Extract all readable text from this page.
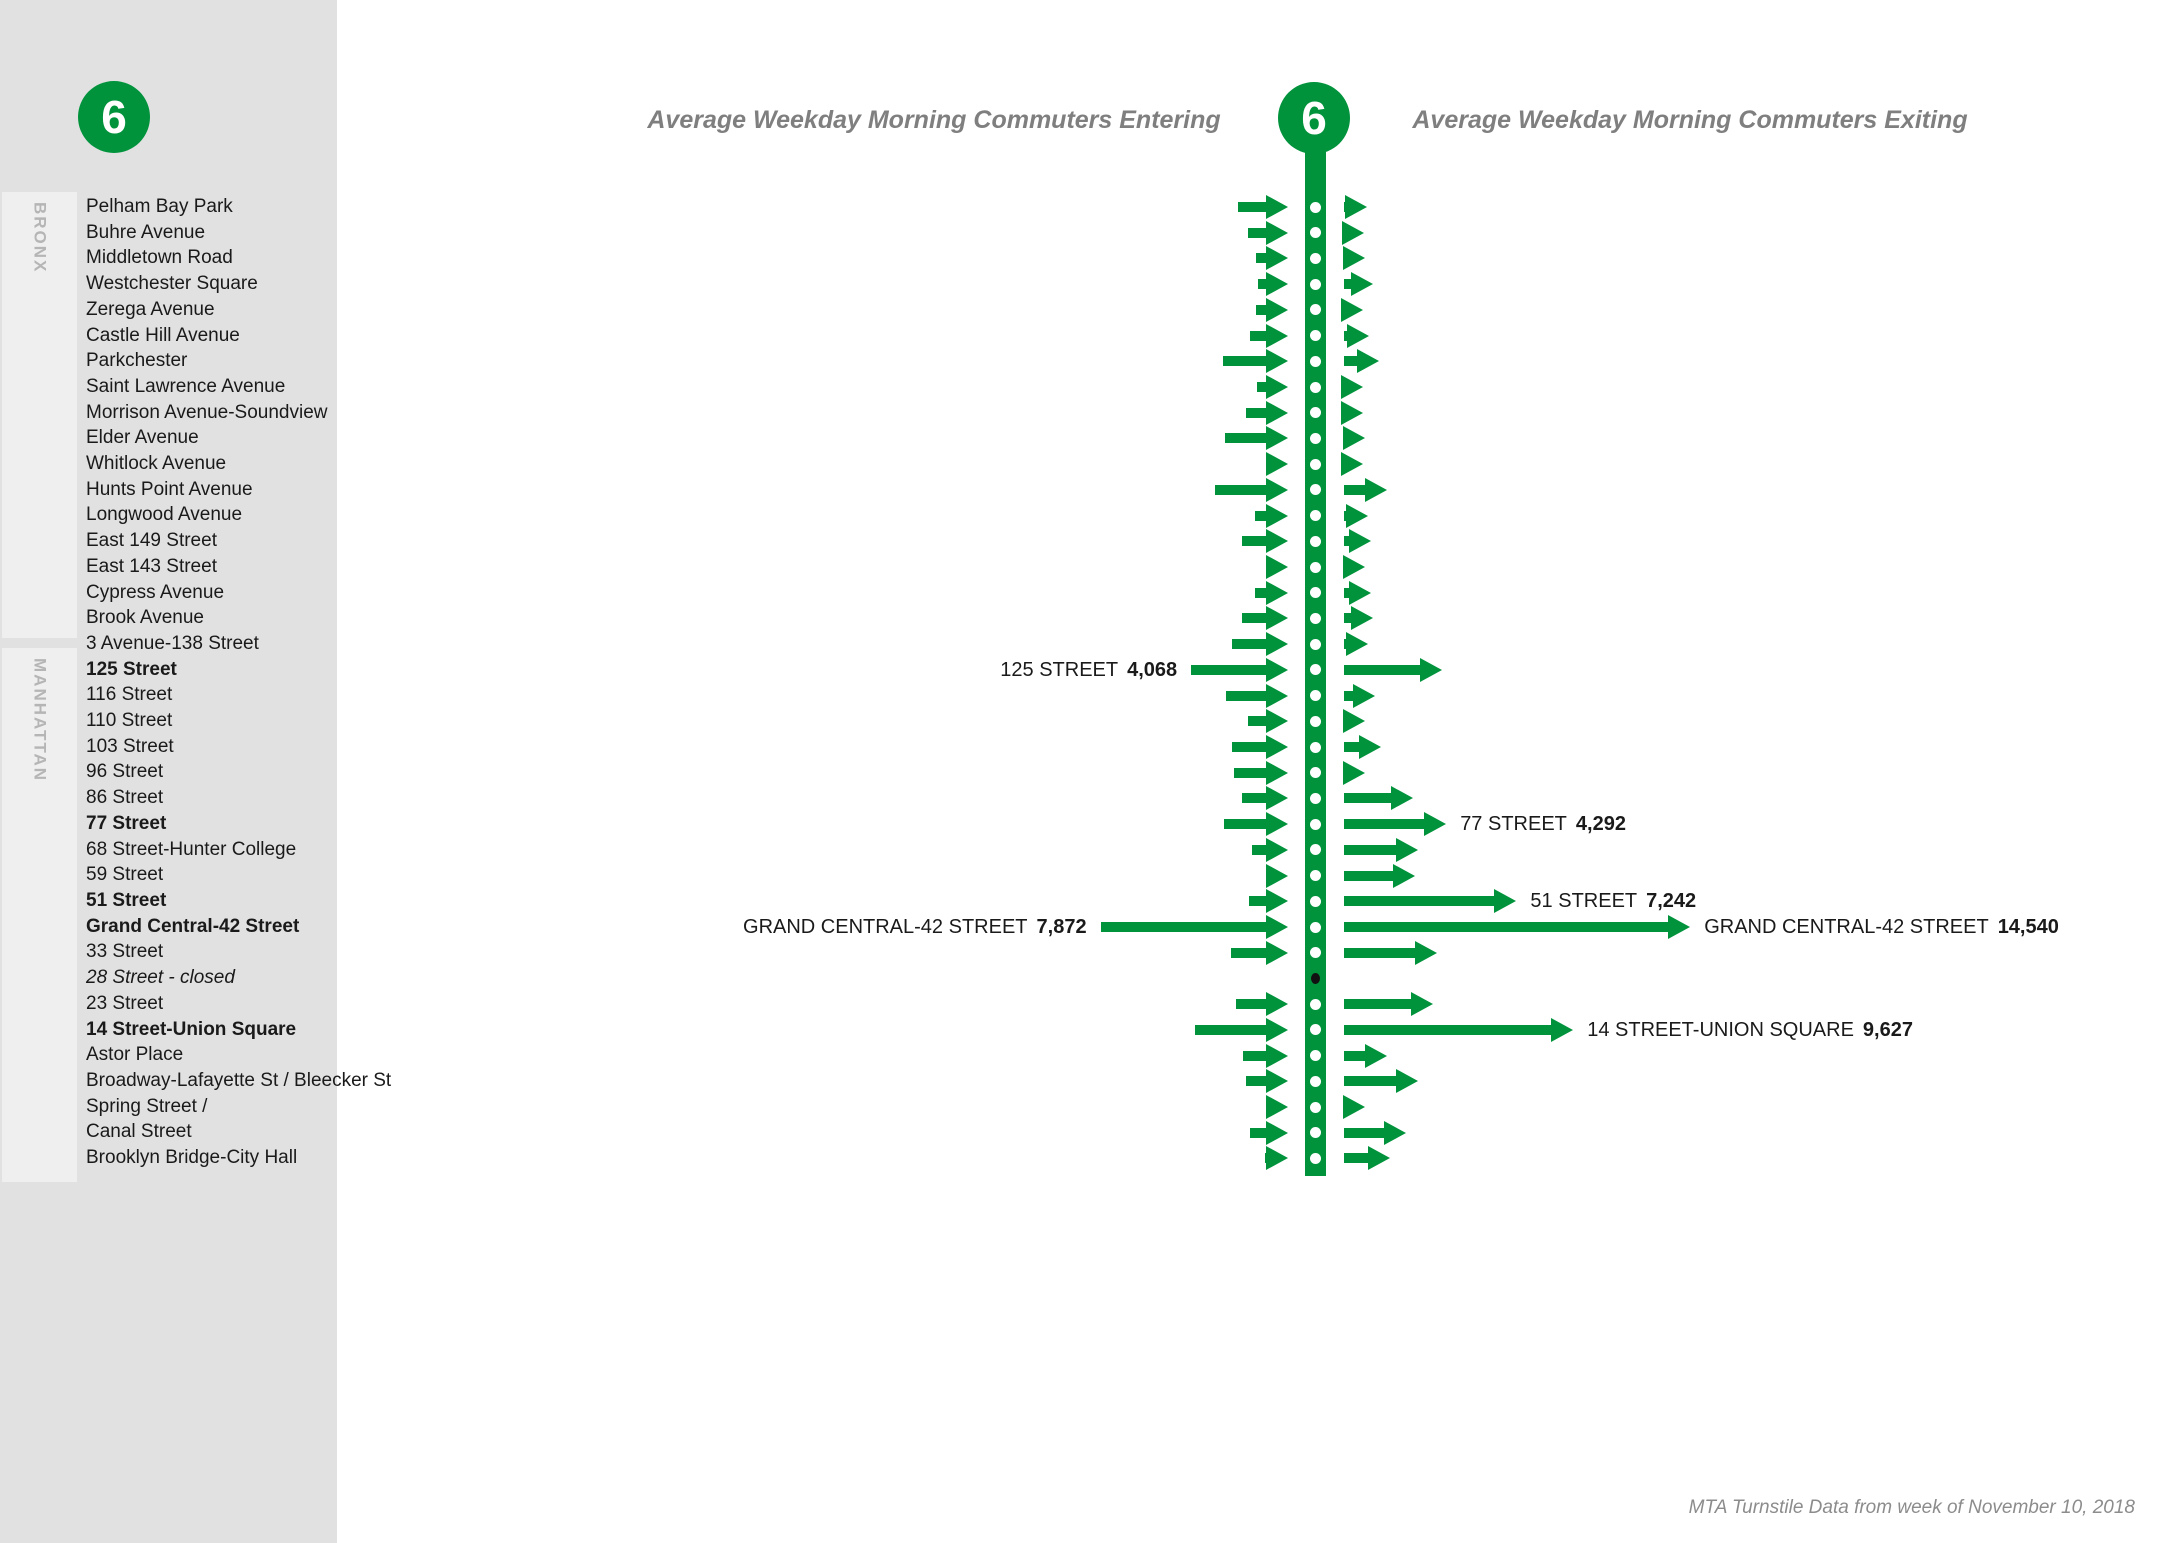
BRONX
MANHATTAN
6
Pelham Bay Park
Buhre Avenue
Middletown Road
Westchester Square
Zerega Avenue
Castle Hill Avenue
Parkchester
Saint Lawrence Avenue
Morrison Avenue-Soundview
Elder Avenue
Whitlock Avenue
Hunts Point Avenue
Longwood Avenue
East 149 Street
East 143 Street
Cypress Avenue
Brook Avenue
3 Avenue-138 Street
125 Street
116 Street
110 Street
103 Street
96 Street
86 Street
77 Street
68 Street-Hunter College
59 Street
51 Street
Grand Central-42 Street
33 Street
28 Street - closed
23 Street
14 Street-Union Square
Astor Place
Broadway-Lafayette St / Bleecker St
Spring Street /
Canal Street
Brooklyn Bridge-City Hall
Average Weekday Morning Commuters Entering	Average Weekday Morning Commuters Exiting
6
125 STREET 4,068
77 STREET 4,292
51 STREET 7,242
GRAND CENTRAL-42 STREET 7,872	GRAND CENTRAL-42 STREET 14,540
14 STREET-UNION SQUARE 9,627
MTA Turnstile Data from week of November 10, 2018
